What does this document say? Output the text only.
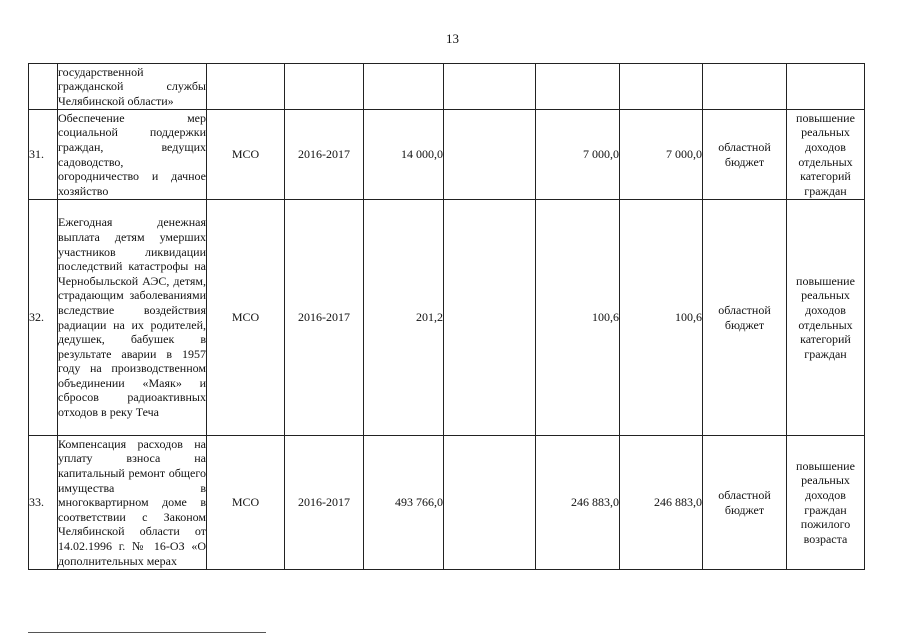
13
	государственной гражданской службы Челябинской области»								
31.	Обеспечение мер социальной поддержки граждан, ведущих садоводство, огородничество и дачное хозяйство	МСО	2016-2017	14 000,0		7 000,0	7 000,0	областной бюджет	повышение реальных доходов отдельных категорий граждан
32.	Ежегодная денежная выплата детям умерших участников ликвидации последствий катастрофы на Чернобыльской АЭС, детям, страдающим заболеваниями вследствие воздействия радиации на их родителей, дедушек, бабушек в результате аварии в 1957 году на производственном объединении «Маяк» и сбросов радиоактивных отходов в реку Теча	МСО	2016-2017	201,2		100,6	100,6	областной бюджет	повышение реальных доходов отдельных категорий граждан
33.	Компенсация расходов на уплату взноса на капитальный ремонт общего имущества в многоквартирном доме в соответствии с Законом Челябинской области от 14.02.1996 г. № 16-ОЗ «О дополнительных мерах	МСО	2016-2017	493 766,0		246 883,0	246 883,0	областной бюджет	повышение реальных доходов граждан пожилого возраста
